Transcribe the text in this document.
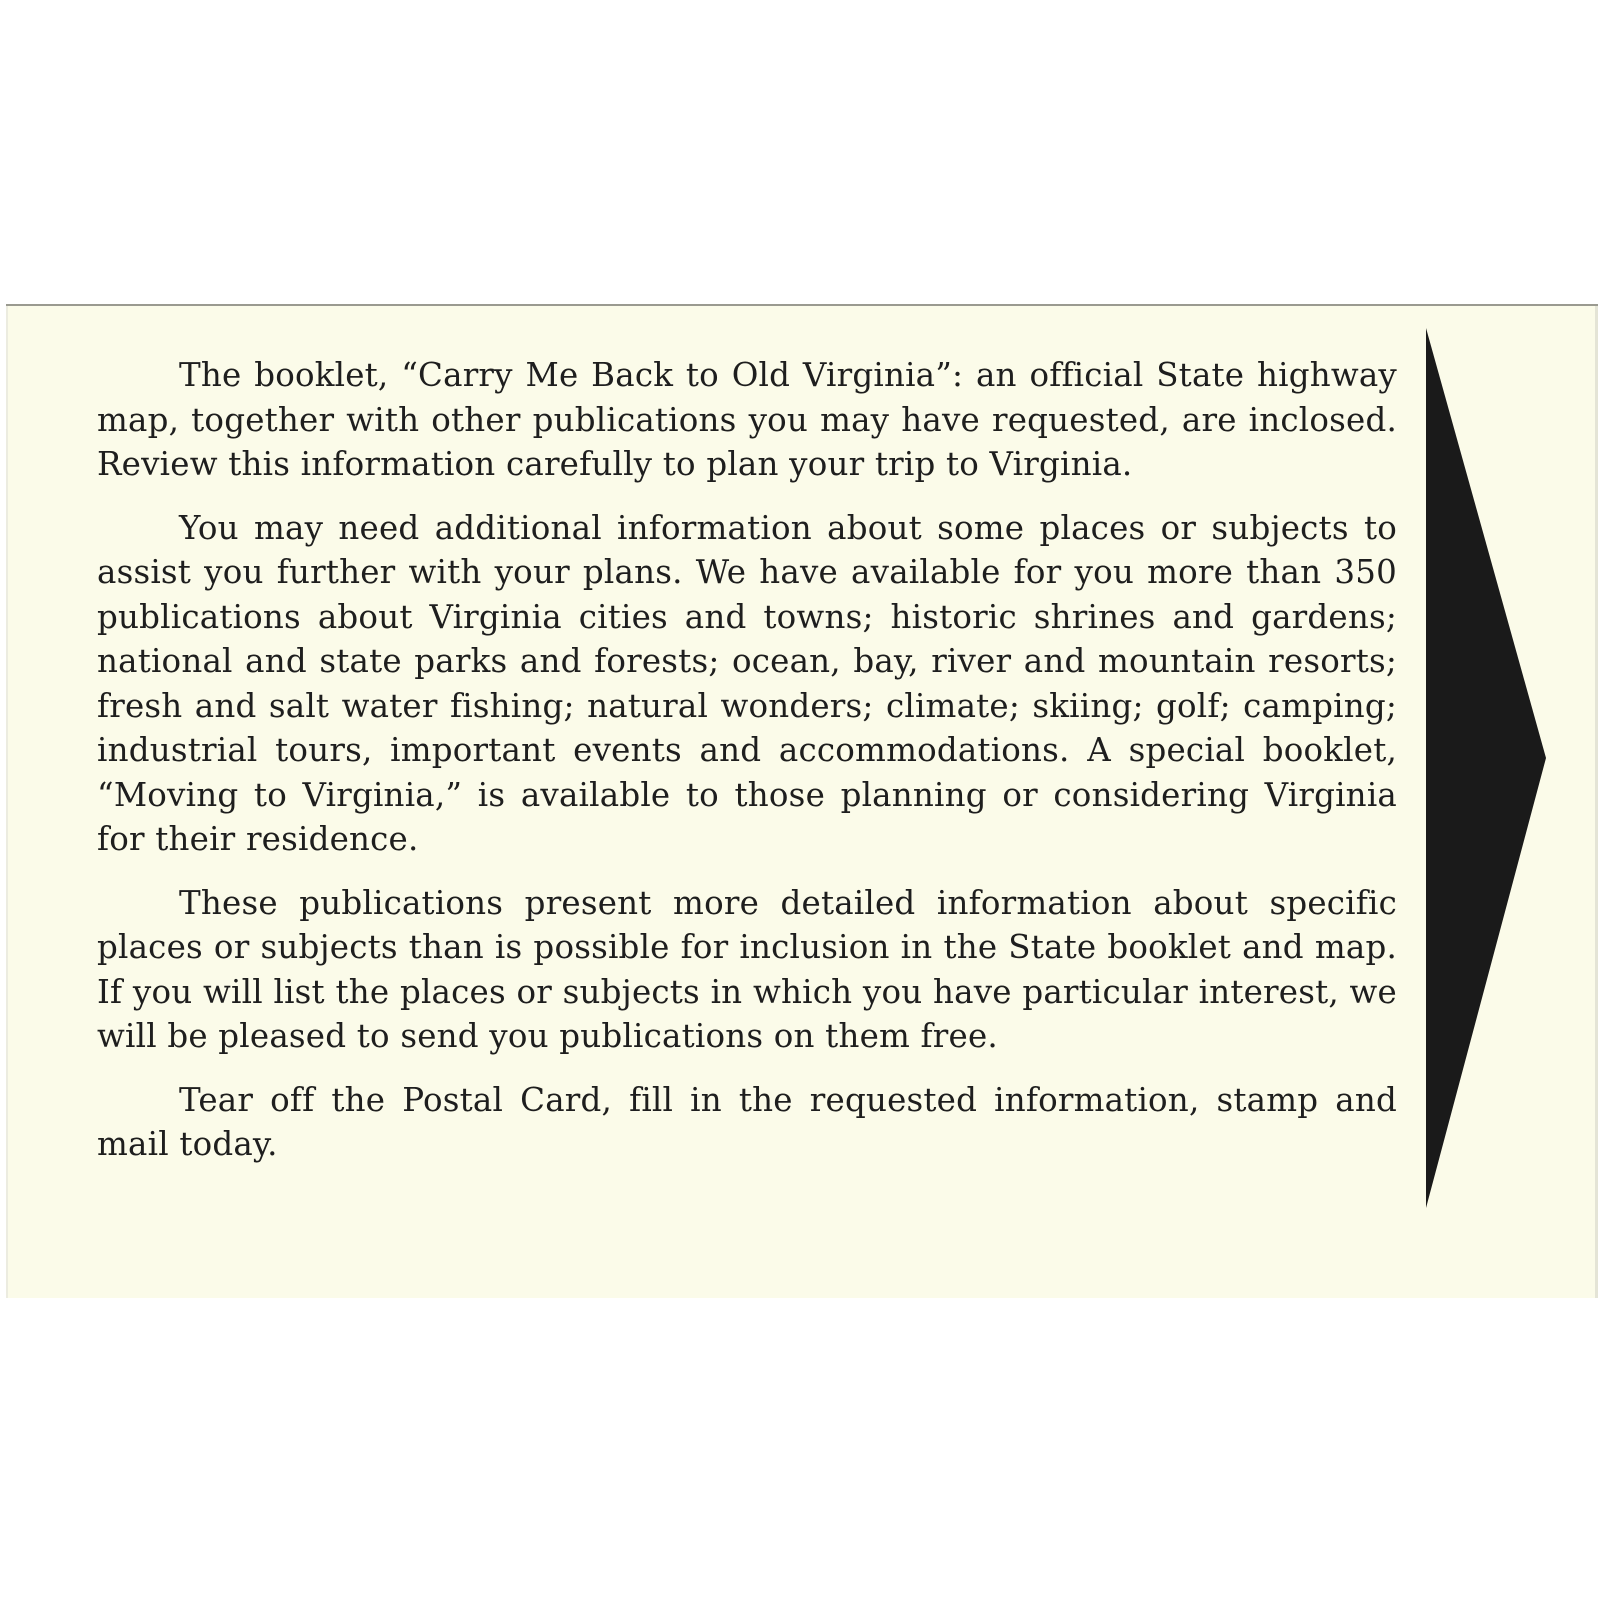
The booklet, “Carry Me Back to Old Virginia”: an official State highway map, together with other publications you may have requested, are inclosed. Review this information carefully to plan your trip to Virginia.

You may need additional information about some places or subjects to assist you further with your plans. We have available for you more than 350 publications about Virginia cities and towns; historic shrines and gardens; national and state parks and forests; ocean, bay, river and mountain resorts; fresh and salt water fishing; natural wonders; climate; skiing; golf; camping; industrial tours, important events and accommodations. A special booklet, “Moving to Virginia,” is available to those planning or considering Virginia for their residence.

These publications present more detailed information about specific places or subjects than is possible for inclusion in the State booklet and map. If you will list the places or subjects in which you have particular interest, we will be pleased to send you publications on them free.

Tear off the Postal Card, fill in the requested information, stamp and mail today.
